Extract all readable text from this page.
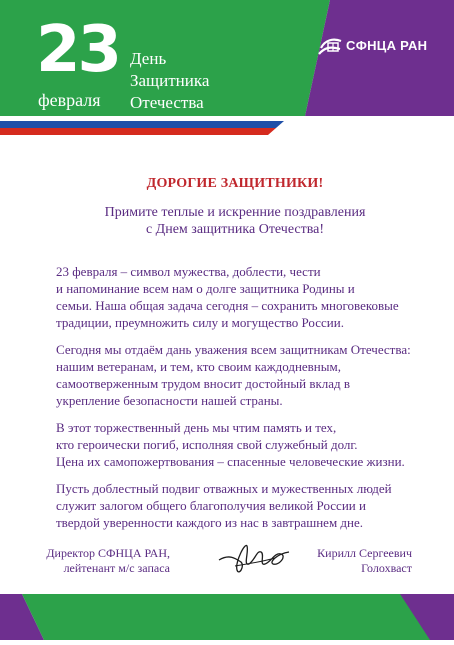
23
февраля
День
Защитника
Отечества
СФНЦА РАН
ДОРОГИЕ ЗАЩИТНИКИ!
Примите теплые и искренние поздравления
с Днем защитника Отечества!
23 февраля – символ мужества, доблести, чести
и напоминание всем нам о долге защитника Родины и
семьи. Наша общая задача сегодня – сохранить многовековые
традиции, преумножить силу и могущество России.
Сегодня мы отдаём дань уважения всем защитникам Отечества:
нашим ветеранам, и тем, кто своим каждодневным,
самоотверженным трудом вносит достойный вклад в
укрепление безопасности нашей страны.
В этот торжественный день мы чтим память и тех,
кто героически погиб, исполняя свой служебный долг.
Цена их самопожертвования – спасенные человеческие жизни.
Пусть доблестный подвиг отважных и мужественных людей
служит залогом общего благополучия великой России и
твердой уверенности каждого из нас в завтрашнем дне.
Директор СФНЦА РАН,
лейтенант м/с запаса
Кирилл Сергеевич
Голохваст
